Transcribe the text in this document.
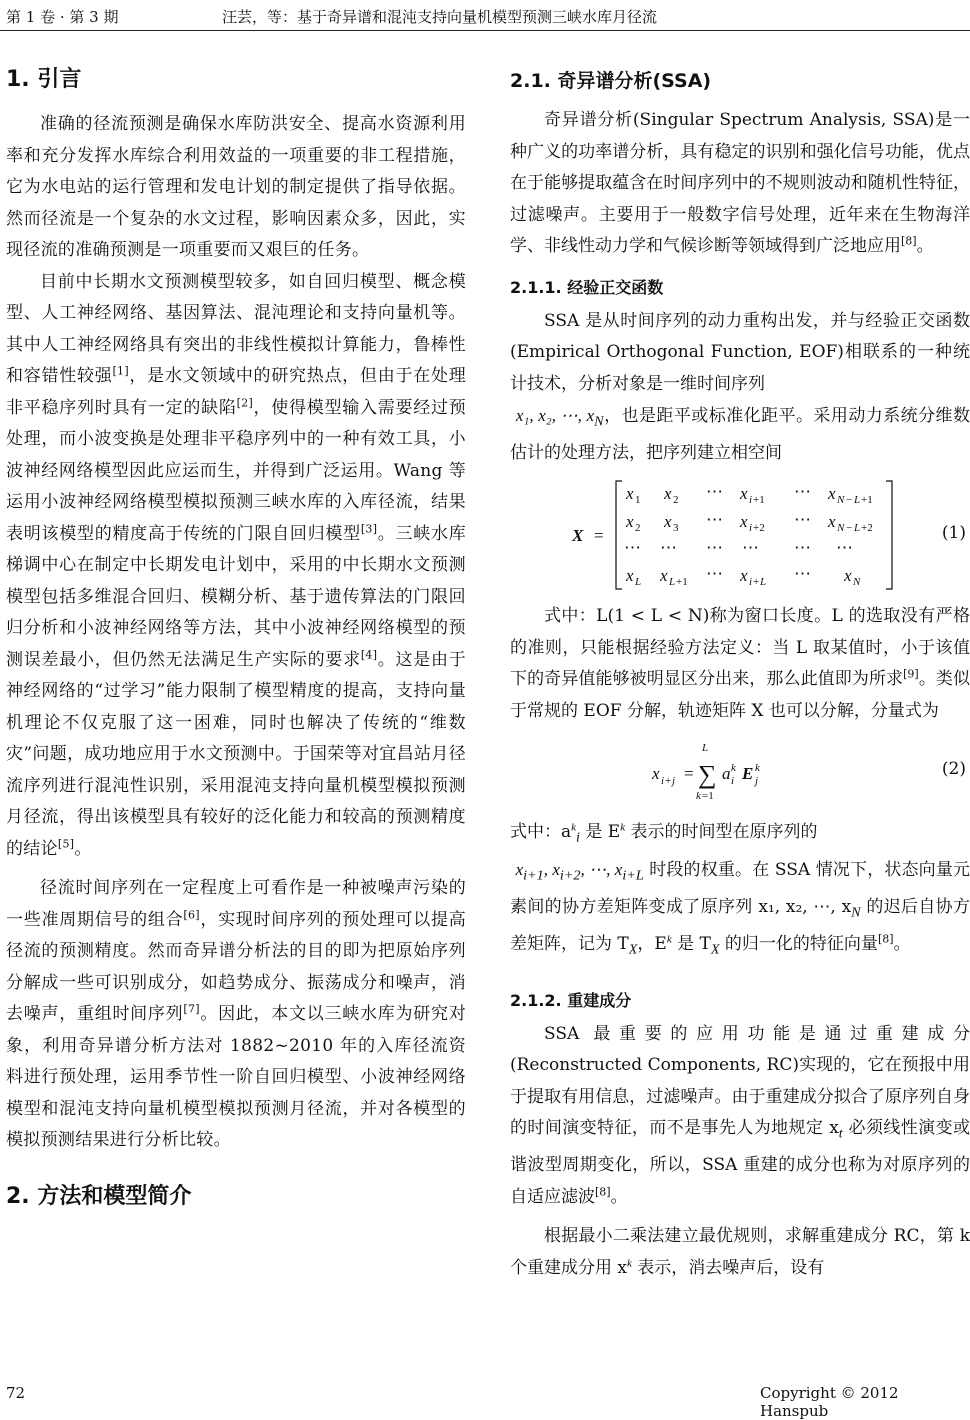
第 1 卷 · 第 3 期	汪芸，等：基于奇异谱和混沌支持向量机模型预测三峡水库月径流
1. 引言

准确的径流预测是确保水库防洪安全、提高水资源利用率和充分发挥水库综合利用效益的一项重要的非工程措施，它为水电站的运行管理和发电计划的制定提供了指导依据。然而径流是一个复杂的水文过程，影响因素众多，因此，实现径流的准确预测是一项重要而又艰巨的任务。

目前中长期水文预测模型较多，如自回归模型、概念模型、人工神经网络、基因算法、混沌理论和支持向量机等。其中人工神经网络具有突出的非线性模拟计算能力，鲁棒性和容错性较强[1]，是水文领域中的研究热点，但由于在处理非平稳序列时具有一定的缺陷[2]，使得模型输入需要经过预处理，而小波变换是处理非平稳序列中的一种有效工具，小波神经网络模型因此应运而生，并得到广泛运用。Wang 等运用小波神经网络模型模拟预测三峡水库的入库径流，结果表明该模型的精度高于传统的门限自回归模型[3]。三峡水库梯调中心在制定中长期发电计划中，采用的中长期水文预测模型包括多维混合回归、模糊分析、基于遗传算法的门限回归分析和小波神经网络等方法，其中小波神经网络模型的预测误差最小，但仍然无法满足生产实际的要求[4]。这是由于神经网络的“过学习”能力限制了模型精度的提高，支持向量机理论不仅克服了这一困难，同时也解决了传统的“维数灾”问题，成功地应用于水文预测中。于国荣等对宜昌站月径流序列进行混沌性识别，采用混沌支持向量机模型模拟预测月径流，得出该模型具有较好的泛化能力和较高的预测精度的结论[5]。

径流时间序列在一定程度上可看作是一种被噪声污染的一些准周期信号的组合[6]，实现时间序列的预处理可以提高径流的预测精度。然而奇异谱分析法的目的即为把原始序列分解成一些可识别成分，如趋势成分、振荡成分和噪声，消去噪声，重组时间序列[7]。因此，本文以三峡水库为研究对象，利用奇异谱分析方法对 1882~2010 年的入库径流资料进行预处理，运用季节性一阶自回归模型、小波神经网络模型和混沌支持向量机模型模拟预测月径流，并对各模型的模拟预测结果进行分析比较。

2. 方法和模型简介
2.1. 奇异谱分析(SSA)

奇异谱分析(Singular Spectrum Analysis, SSA)是一种广义的功率谱分析，具有稳定的识别和强化信号功能，优点在于能够提取蕴含在时间序列中的不规则波动和随机性特征，过滤噪声。主要用于一般数字信号处理，近年来在生物海洋学、非线性动力学和气候诊断等领域得到广泛地应用[8]。

2.1.1. 经验正交函数

SSA 是从时间序列的动力重构出发，并与经验正交函数(Empirical Orthogonal Function, EOF)相联系的一种统计技术，分析对象是一维时间序列

x₁, x₂, ⋯, $x_N$，也是距平或标准化距平。采用动力系统分维数估计的处理方法，把序列建立相空间

X =
x 1 x 2 ⋯ x i +1 ⋯ x N − L +1
x 2 x 3 ⋯ x i +2 ⋯ x N − L +2
⋯ ⋯ ⋯ ⋯ ⋯ ⋯
x L x L +1 ⋯ x i + L ⋯ x N
(1)

式中：L(1 < L < N)称为窗口长度。L 的选取没有严格的准则，只能根据经验方法定义：当 L 取某值时，小于该值下的奇异值能够被明显区分出来，那么此值即为所求[9]。类似于常规的 EOF 分解，轨迹矩阵 X 也可以分解，分量式为

x i + j =
L
∑
k =1
a k
i E k
j
(2)

式中：$a^k_i$ 是 $E^k$ 表示的时间型在原序列的

$x_{i+1}$, $x_{i+2}$, ⋯, $x_{i+L}$ 时段的权重。在 SSA 情况下，状态向量元素间的协方差矩阵变成了原序列 x₁, x₂, ⋯, $x_N$ 的迟后自协方差矩阵，记为 $T_X$，$E^k$ 是 $T_X$ 的归一化的特征向量[8]。

2.1.2. 重建成分

SSA 最重要的应用功能是通过重建成分(Reconstructed Components, RC)实现的，它在预报中用于提取有用信息，过滤噪声。由于重建成分拟合了原序列自身的时间演变特征，而不是事先人为地规定 $x_t$ 必须线性演变或谐波型周期变化，所以，SSA 重建的成分也称为对原序列的自适应滤波[8]。

根据最小二乘法建立最优规则，求解重建成分 RC，第 k 个重建成分用 $x^k$ 表示，消去噪声后，设有

72	Copyright © 2012 Hanspub
